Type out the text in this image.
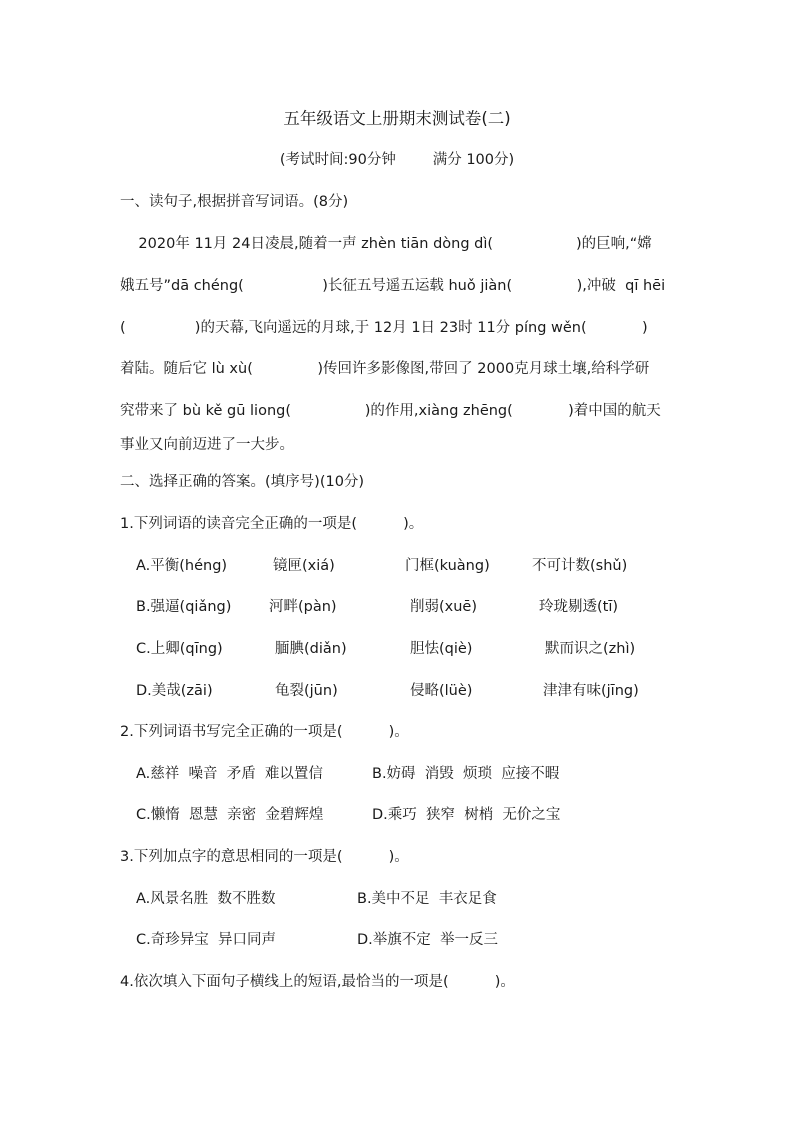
五年级语文上册期末测试卷(二)
(考试时间:90分钟        满分 100分)
一、读句子,根据拼音写词语。(8分)
2020年 11月 24日凌晨,随着一声 zhèn tiān dòng dì(                  )的巨响,“嫦
娥五号”dā chéng(                 )长征五号遥五运载 huǒ jiàn(              ),冲破  qī hēi
(               )的天幕,飞向遥远的月球,于 12月 1日 23时 11分 píng wěn(            )
着陆。随后它 lù xù(              )传回许多影像图,带回了 2000克月球土壤,给科学研
究带来了 bù kě gū liong(                )的作用,xiàng zhēng(            )着中国的航天
事业又向前迈进了一大步。
二、选择正确的答案。(填序号)(10分)
1.下列词语的读音完全正确的一项是(          )。
A.平衡(héng)	镜匣(xiá)	门框(kuàng)	不可计数(shǔ)
B.强逼(qiǎng)	河畔(pàn)	削弱(xuē)	玲珑剔透(tī)
C.上卿(qīng)	腼腆(diǎn)	胆怯(qiè)	默而识之(zhì)
D.美哉(zāi)	龟裂(jūn)	侵略(lüè)	津津有味(jīng)
2.下列词语书写完全正确的一项是(          )。
A.慈祥  噪音  矛盾  难以置信	B.妨碍  消毁  烦琐  应接不暇
C.懒惰  恩慧  亲密  金碧辉煌	D.乘巧  狭窄  树梢  无价之宝
3.下列加点字的意思相同的一项是(          )。
A.风景名胜  数不胜数	B.美中不足  丰衣足食
C.奇珍异宝  异口同声	D.举旗不定  举一反三
4.依次填入下面句子横线上的短语,最恰当的一项是(          )。
